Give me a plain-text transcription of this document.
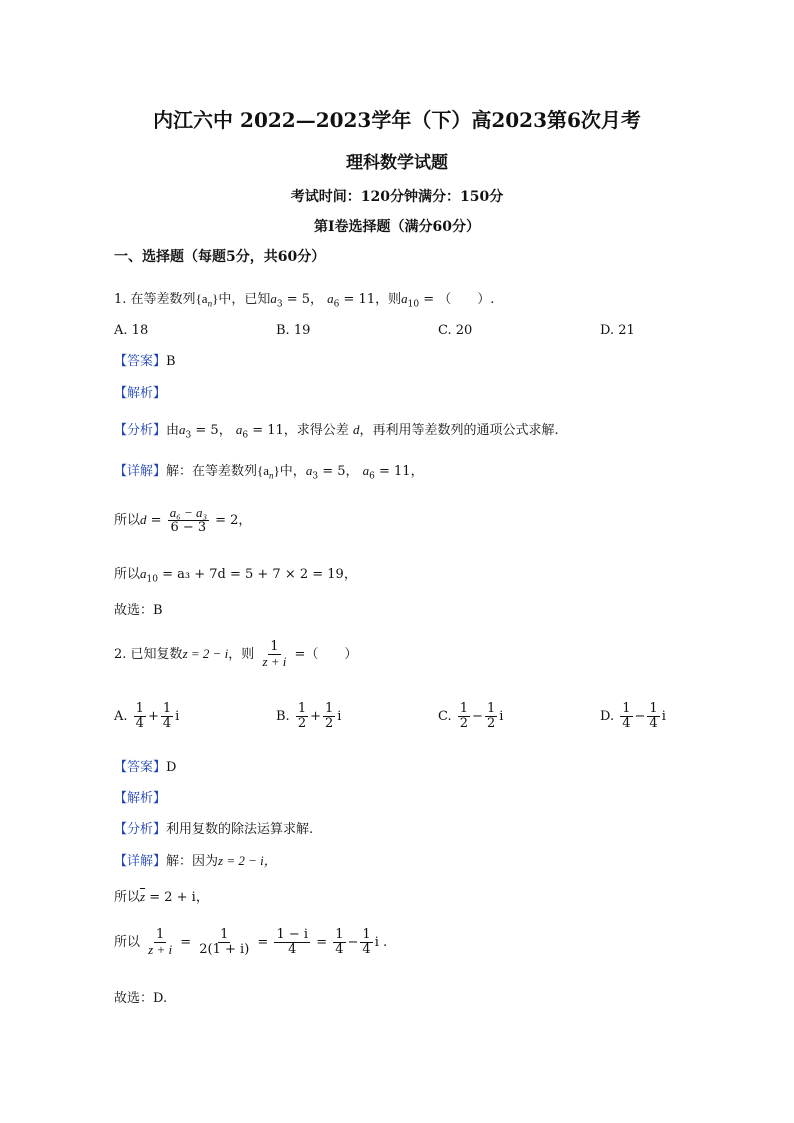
内江六中 2022—2023学年（下）高2023第6次月考
理科数学试题
考试时间：120分钟满分：150分
第I卷选择题（满分60分）
一、选择题（每题5分，共60分）
1. 在等差数列$\{a_n\}$中，已知$a_3 = 5$， $a_6 = 11$，则$a_{10}$ = （　　）.
A. 18	B. 19	C. 20	D. 21
【答案】B
【解析】
【分析】由$a_3 = 5$， $a_6 = 11$，求得公差 d，再利用等差数列的通项公式求解.
【详解】解：在等差数列$\{a_n\}$中，$a_3 = 5$， $a_6 = 11$，
所以$d = \frac{\text{a₆ − a₃}}{6 - 3} = 2$，
所以$a_{10} = a_3 + 7d = 5 + 7 \times 2 = 19$，
故选：B
2. 已知复数z = 2 − i，则 $\frac{1}{z + i}$ =（　　）
A. $\frac{1}{4} + \frac{1}{4}$ i	B. $\frac{1}{2} + \frac{1}{2}$ i	C. $\frac{1}{2} - \frac{1}{2}$ i	D. $\frac{1}{4} - \frac{1}{4}$ i
【答案】D
【解析】
【分析】利用复数的除法运算求解.
【详解】解：因为z = 2 − i，
所以$\overline{z} = 2 + i$，
所以 $\frac{1}{z + i} = \frac{1}{2(1 + i)} = \frac{1 - i}{4} = \frac{1}{4} - \frac{1}{4}$ i .
故选：D.
